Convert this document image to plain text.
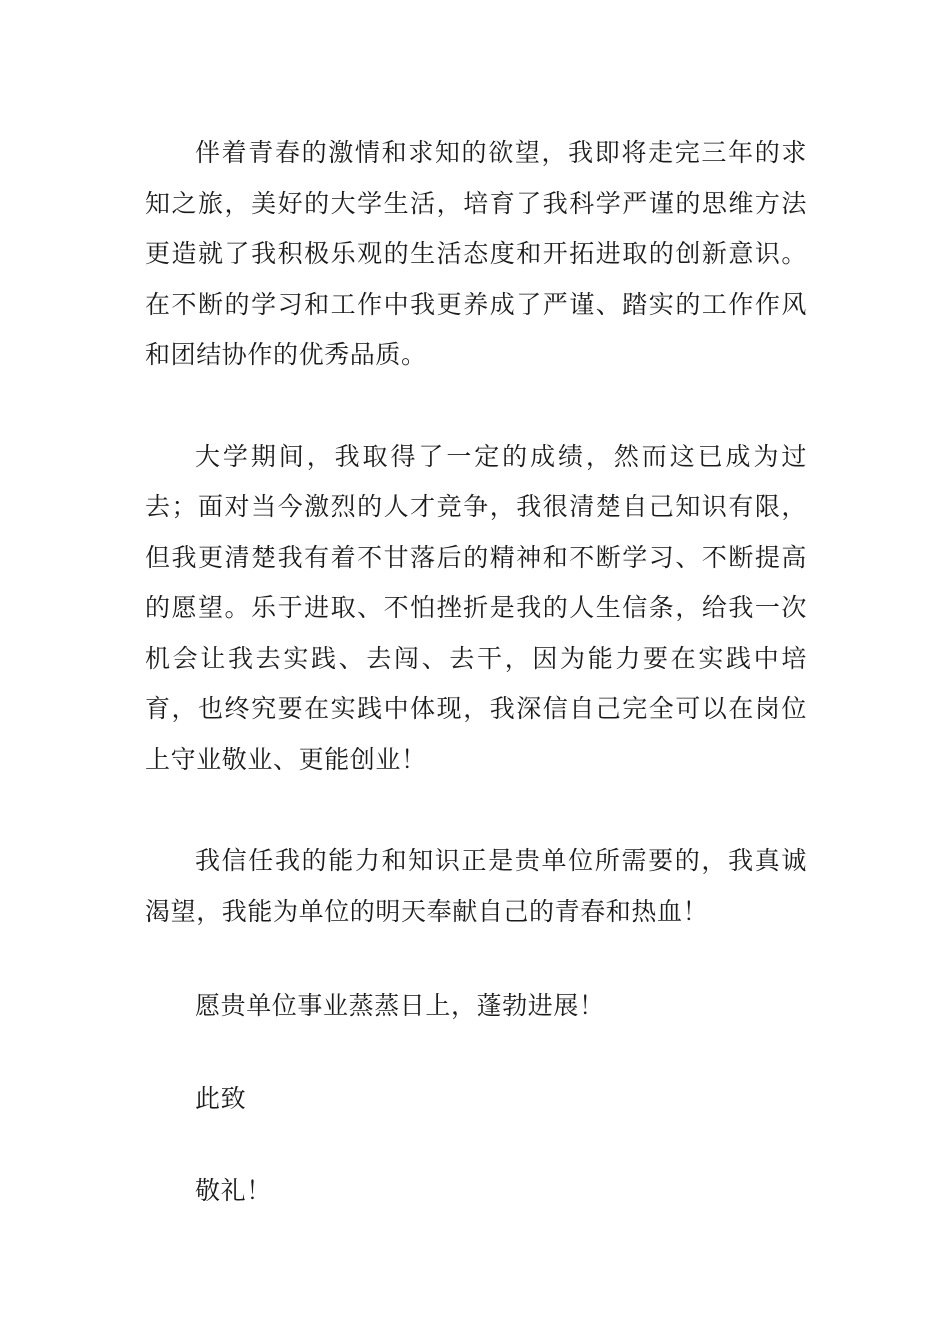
伴着青春的激情和求知的欲望，我即将走完三年的求知之旅，美好的大学生活，培育了我科学严谨的思维方法更造就了我积极乐观的生活态度和开拓进取的创新意识。在不断的学习和工作中我更养成了严谨、踏实的工作作风和团结协作的优秀品质。

大学期间，我取得了一定的成绩，然而这已成为过去；面对当今激烈的人才竞争，我很清楚自己知识有限，但我更清楚我有着不甘落后的精神和不断学习、不断提高的愿望。乐于进取、不怕挫折是我的人生信条，给我一次机会让我去实践、去闯、去干，因为能力要在实践中培育，也终究要在实践中体现，我深信自己完全可以在岗位上守业敬业、更能创业！

我信任我的能力和知识正是贵单位所需要的，我真诚渴望，我能为单位的明天奉献自己的青春和热血！

愿贵单位事业蒸蒸日上，蓬勃进展！

此致

敬礼！
